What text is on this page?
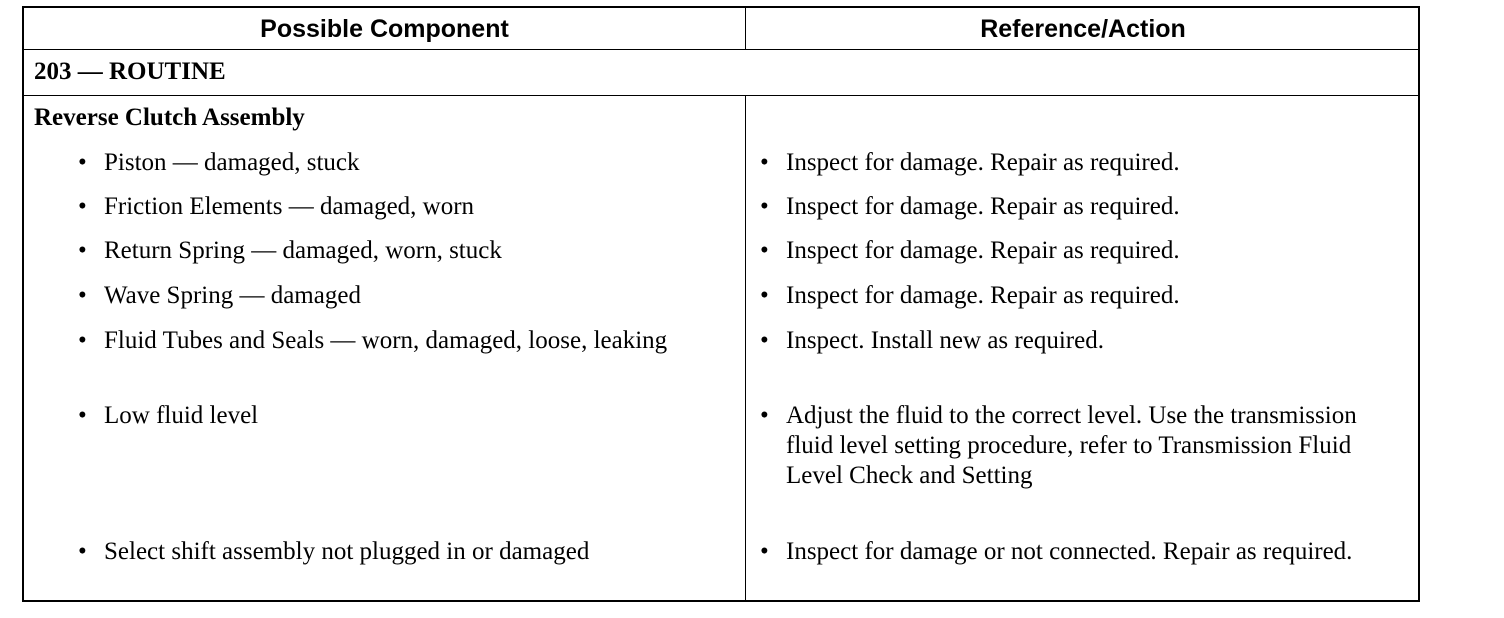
Possible Component	Reference/Action
203 — ROUTINE
Reverse Clutch Assembly
• Piston — damaged, stuck	• Inspect for damage. Repair as required.
• Friction Elements — damaged, worn	• Inspect for damage. Repair as required.
• Return Spring — damaged, worn, stuck	• Inspect for damage. Repair as required.
• Wave Spring — damaged	• Inspect for damage. Repair as required.
• Fluid Tubes and Seals — worn, damaged, loose, leaking	• Inspect. Install new as required.
• Low fluid level	• Adjust the fluid to the correct level. Use the transmission fluid level setting procedure, refer to Transmission Fluid Level Check and Setting
• Select shift assembly not plugged in or damaged	• Inspect for damage or not connected. Repair as required.
